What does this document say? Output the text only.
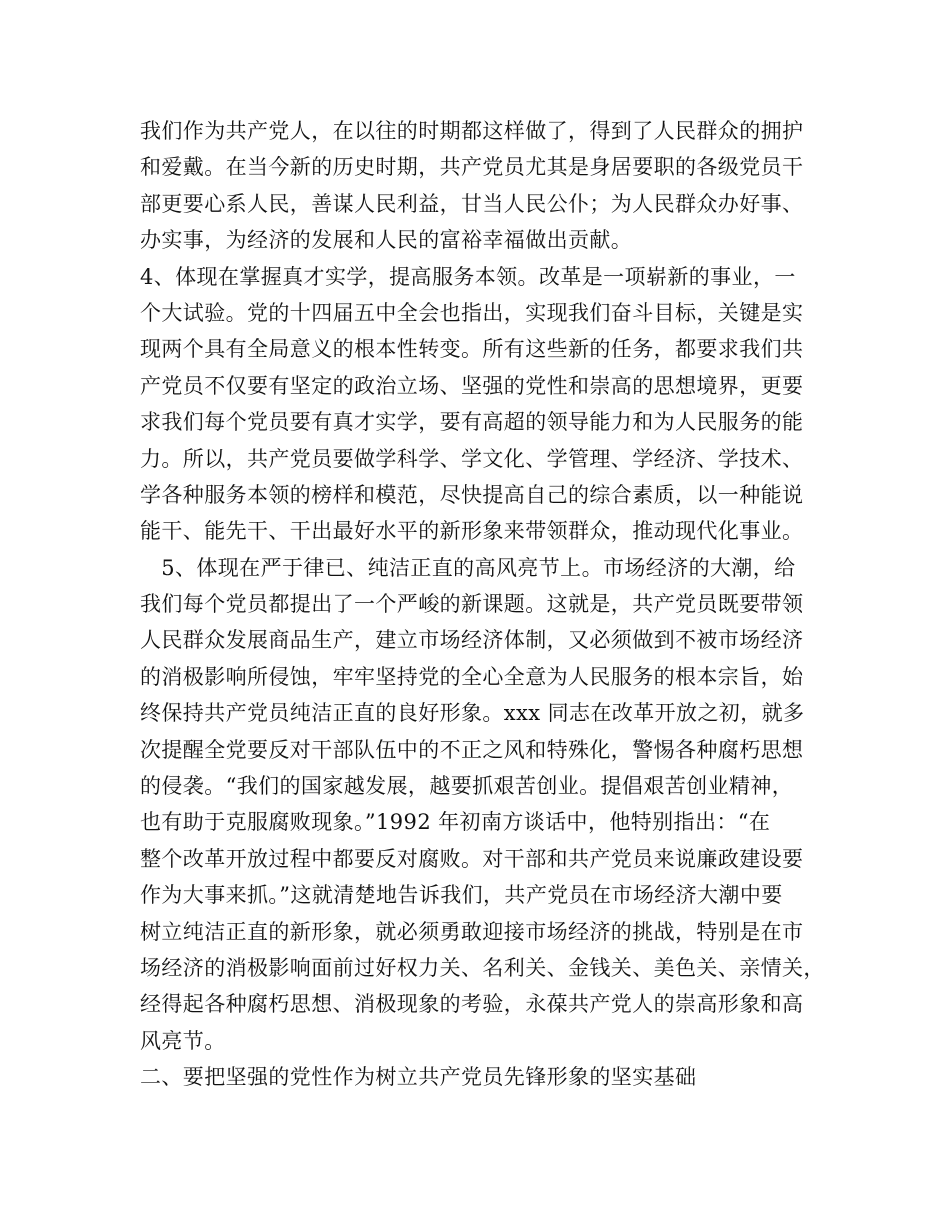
我们作为共产党人，在以往的时期都这样做了，得到了人民群众的拥护
和爱戴。在当今新的历史时期，共产党员尤其是身居要职的各级党员干
部更要心系人民，善谋人民利益，甘当人民公仆；为人民群众办好事、
办实事，为经济的发展和人民的富裕幸福做出贡献。
4、体现在掌握真才实学，提高服务本领。改革是一项崭新的事业，一
个大试验。党的十四届五中全会也指出，实现我们奋斗目标，关键是实
现两个具有全局意义的根本性转变。所有这些新的任务，都要求我们共
产党员不仅要有坚定的政治立场、坚强的党性和崇高的思想境界，更要
求我们每个党员要有真才实学，要有高超的领导能力和为人民服务的能
力。所以，共产党员要做学科学、学文化、学管理、学经济、学技术、
学各种服务本领的榜样和模范，尽快提高自己的综合素质，以一种能说
能干、能先干、干出最好水平的新形象来带领群众，推动现代化事业。
5、体现在严于律已、纯洁正直的高风亮节上。市场经济的大潮，给
我们每个党员都提出了一个严峻的新课题。这就是，共产党员既要带领
人民群众发展商品生产，建立市场经济体制，又必须做到不被市场经济
的消极影响所侵蚀，牢牢坚持党的全心全意为人民服务的根本宗旨，始
终保持共产党员纯洁正直的良好形象。xxx 同志在改革开放之初，就多
次提醒全党要反对干部队伍中的不正之风和特殊化，警惕各种腐朽思想
的侵袭。“我们的国家越发展，越要抓艰苦创业。提倡艰苦创业精神，
也有助于克服腐败现象。”1992 年初南方谈话中，他特别指出：“在
整个改革开放过程中都要反对腐败。对干部和共产党员来说廉政建设要
作为大事来抓。”这就清楚地告诉我们，共产党员在市场经济大潮中要
树立纯洁正直的新形象，就必须勇敢迎接市场经济的挑战，特别是在市
场经济的消极影响面前过好权力关、名利关、金钱关、美色关、亲情关，
经得起各种腐朽思想、消极现象的考验，永葆共产党人的崇高形象和高
风亮节。
二、要把坚强的党性作为树立共产党员先锋形象的坚实基础
